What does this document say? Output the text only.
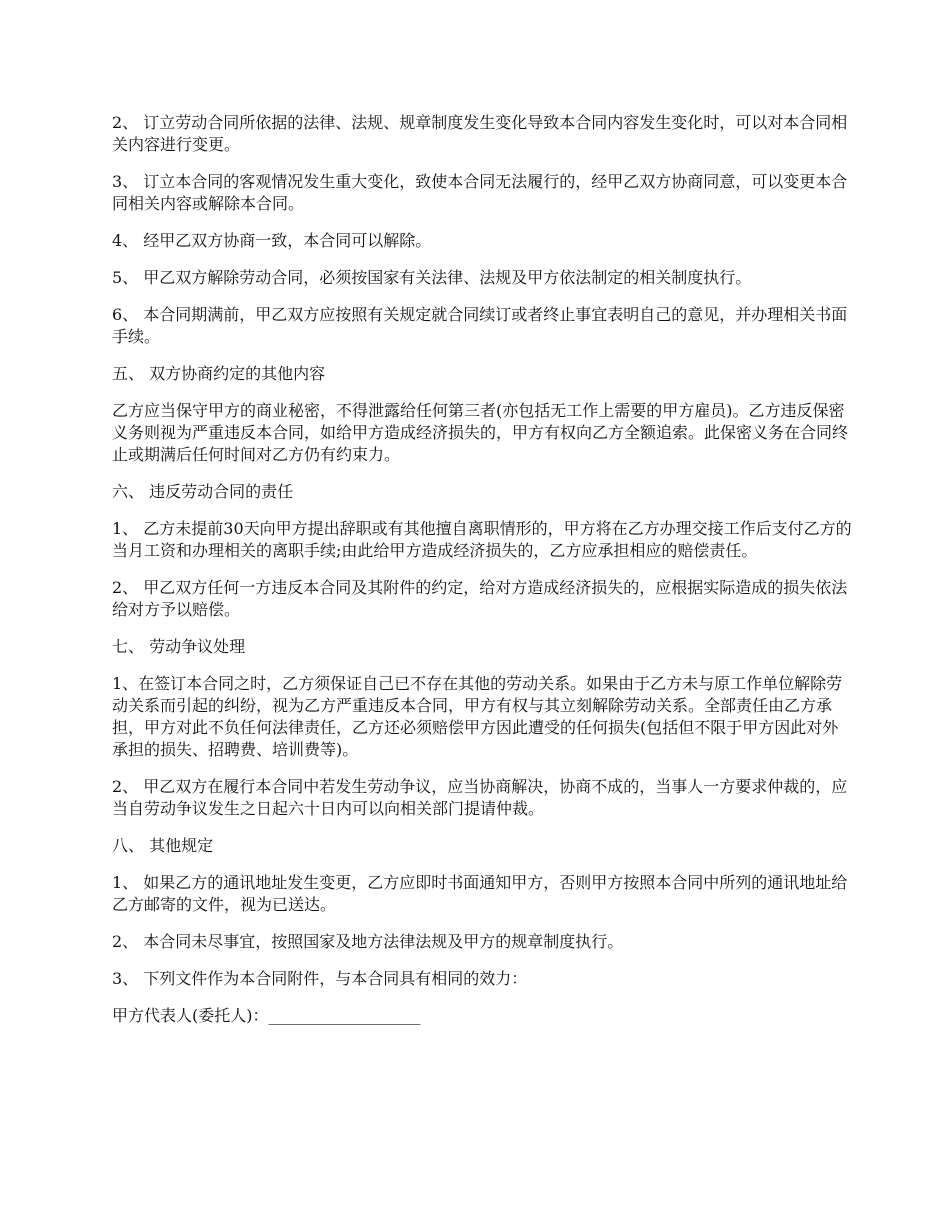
2、 订立劳动合同所依据的法律、法规、规章制度发生变化导致本合同内容发生变化时，可以对本合同相关内容进行变更。

3、 订立本合同的客观情况发生重大变化，致使本合同无法履行的，经甲乙双方协商同意，可以变更本合同相关内容或解除本合同。

4、 经甲乙双方协商一致，本合同可以解除。

5、 甲乙双方解除劳动合同，必须按国家有关法律、法规及甲方依法制定的相关制度执行。

6、 本合同期满前，甲乙双方应按照有关规定就合同续订或者终止事宜表明自己的意见，并办理相关书面手续。

五、 双方协商约定的其他内容

乙方应当保守甲方的商业秘密，不得泄露给任何第三者(亦包括无工作上需要的甲方雇员)。乙方违反保密义务则视为严重违反本合同，如给甲方造成经济损失的，甲方有权向乙方全额追索。此保密义务在合同终止或期满后任何时间对乙方仍有约束力。

六、 违反劳动合同的责任

1、 乙方未提前30天向甲方提出辞职或有其他擅自离职情形的，甲方将在乙方办理交接工作后支付乙方的当月工资和办理相关的离职手续;由此给甲方造成经济损失的，乙方应承担相应的赔偿责任。

2、 甲乙双方任何一方违反本合同及其附件的约定，给对方造成经济损失的，应根据实际造成的损失依法给对方予以赔偿。

七、 劳动争议处理

1、在签订本合同之时，乙方须保证自己已不存在其他的劳动关系。如果由于乙方未与原工作单位解除劳动关系而引起的纠纷，视为乙方严重违反本合同，甲方有权与其立刻解除劳动关系。全部责任由乙方承担，甲方对此不负任何法律责任，乙方还必须赔偿甲方因此遭受的任何损失(包括但不限于甲方因此对外承担的损失、招聘费、培训费等)。

2、 甲乙双方在履行本合同中若发生劳动争议，应当协商解决，协商不成的，当事人一方要求仲裁的，应当自劳动争议发生之日起六十日内可以向相关部门提请仲裁。

八、 其他规定

1、 如果乙方的通讯地址发生变更，乙方应即时书面通知甲方，否则甲方按照本合同中所列的通讯地址给乙方邮寄的文件，视为已送达。

2、 本合同未尽事宜，按照国家及地方法律法规及甲方的规章制度执行。

3、 下列文件作为本合同附件，与本合同具有相同的效力：

甲方代表人(委托人)：___________________
